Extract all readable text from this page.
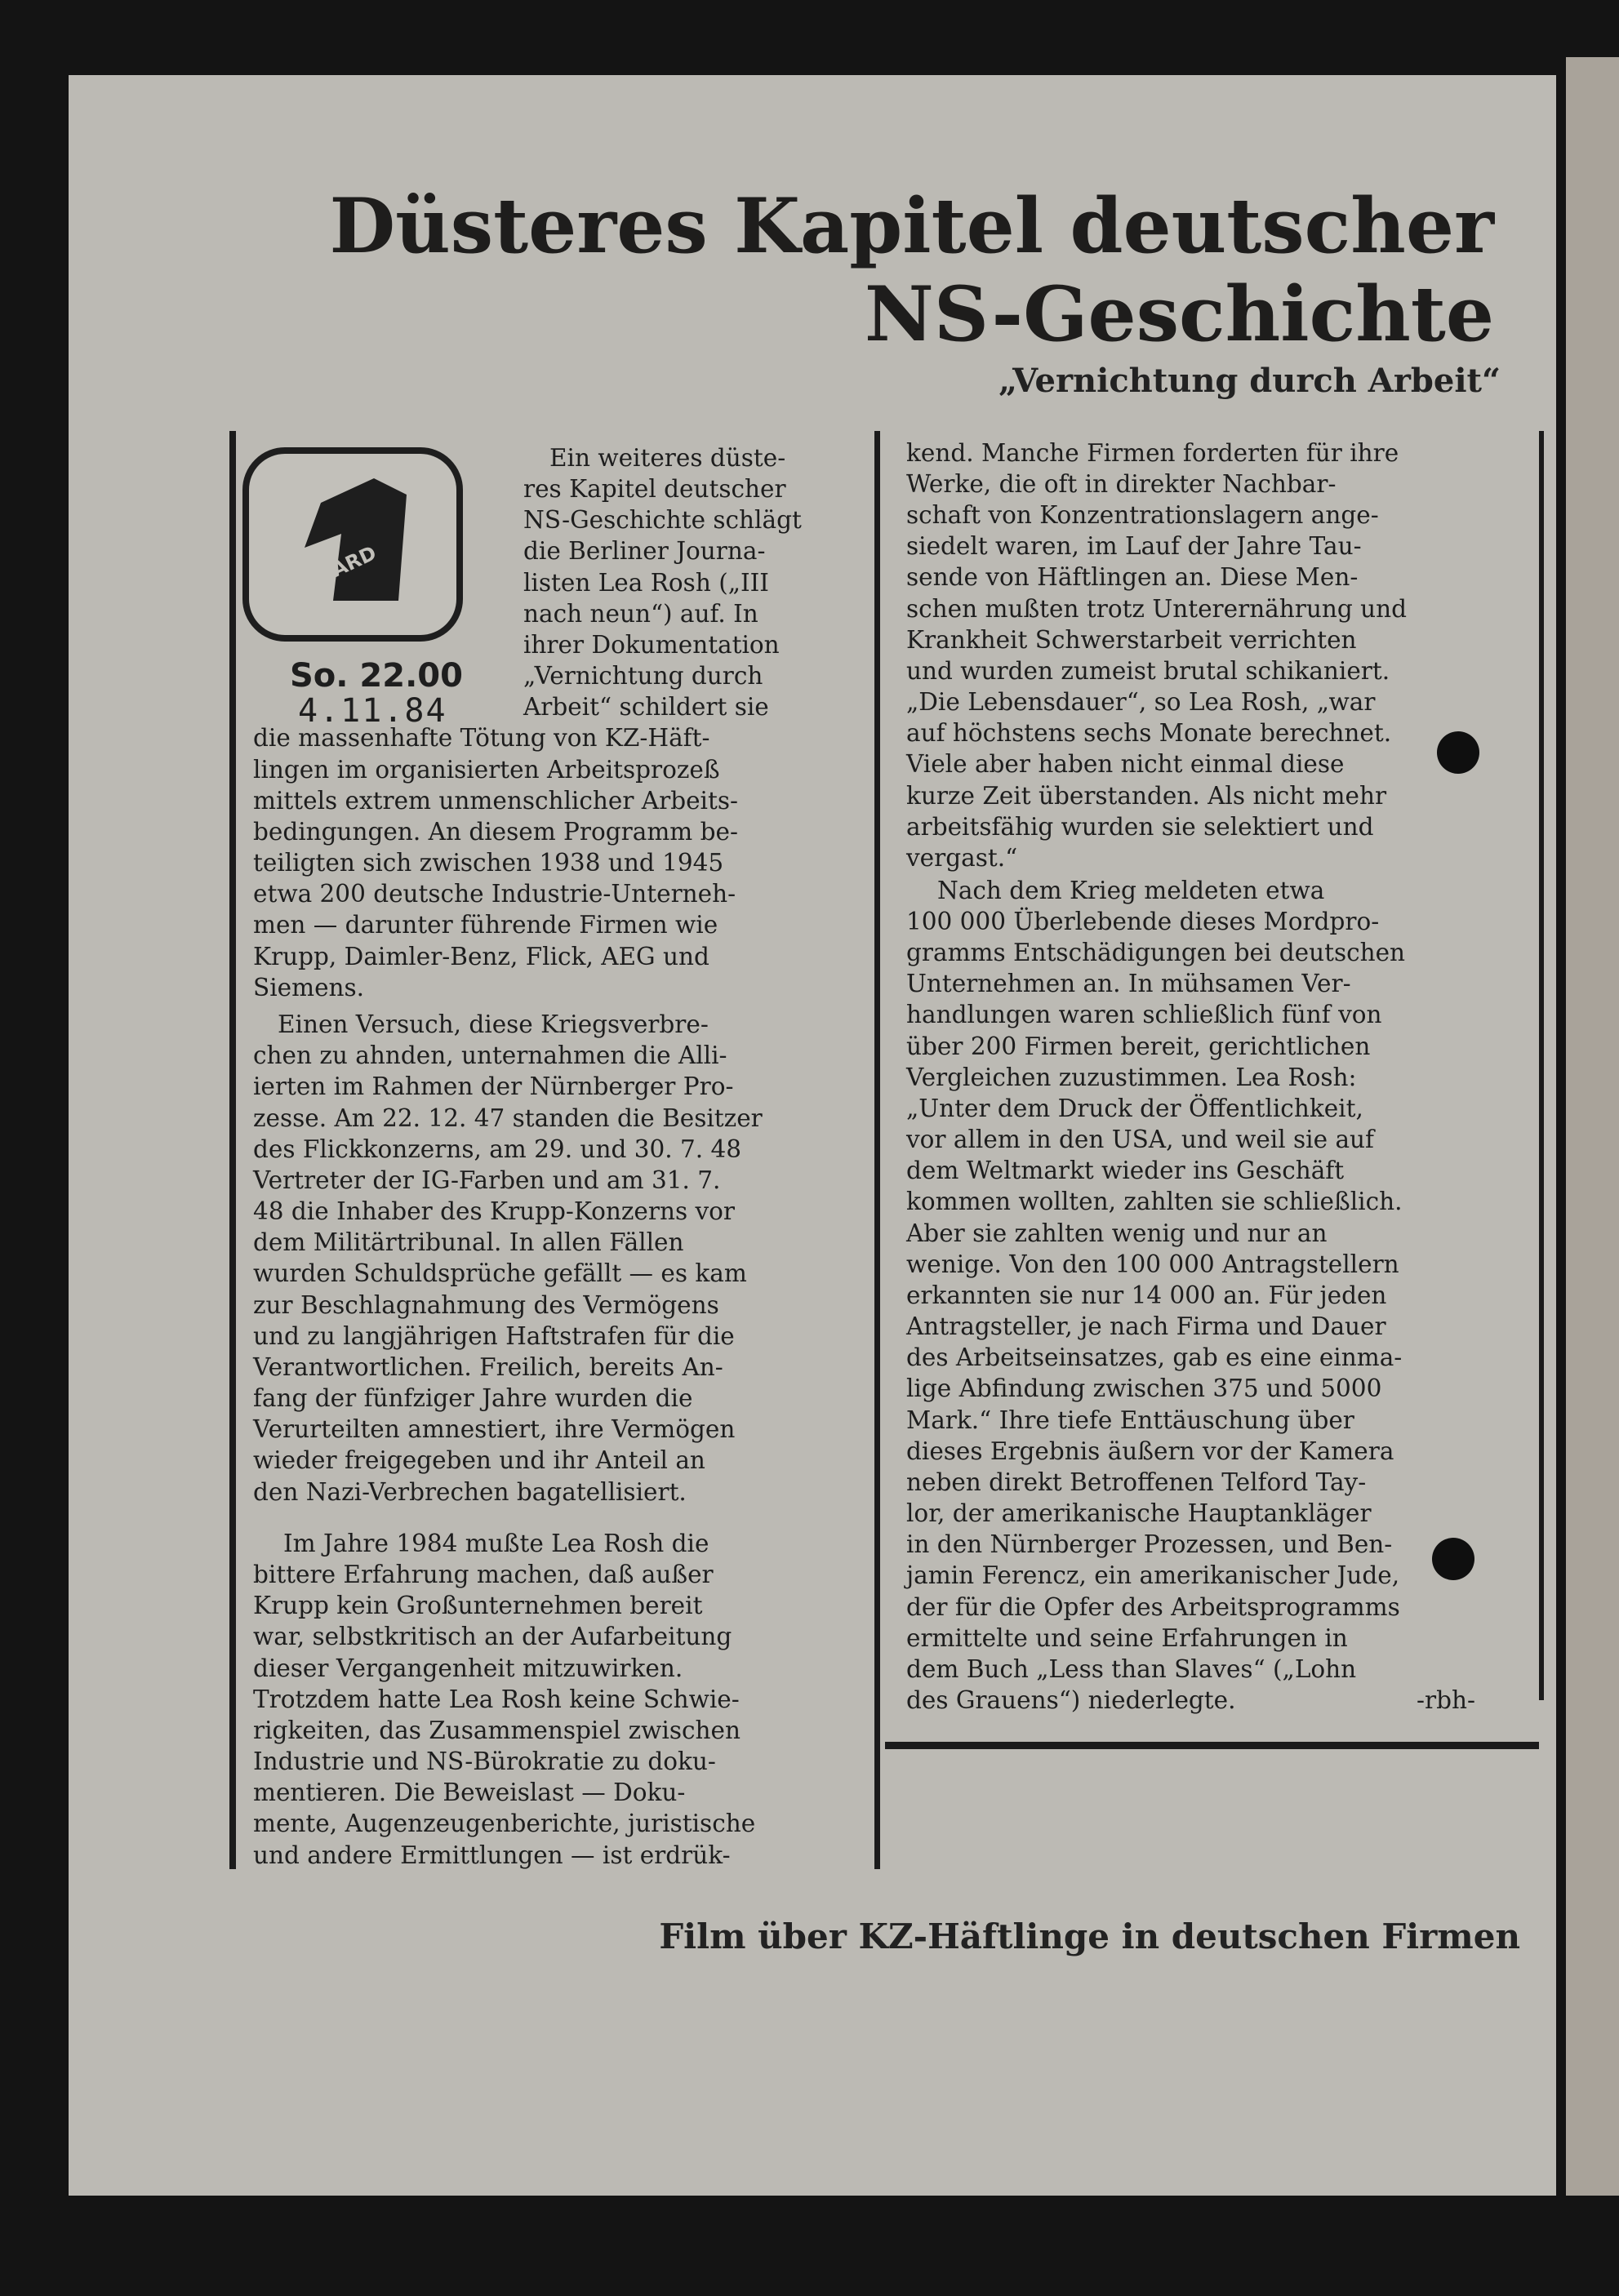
Düsteres Kapitel deutscher
NS-Geschichte
„Vernichtung durch Arbeit“
ARD
So. 22.00
4.11.84
Ein weiteres düste-
res Kapitel deutscher
NS-Geschichte schlägt
die Berliner Journa-
listen Lea Rosh („III
nach neun“) auf. In
ihrer Dokumentation
„Vernichtung durch
Arbeit“ schildert sie
die massenhafte Tötung von KZ-Häft-
lingen im organisierten Arbeitsprozeß
mittels extrem unmenschlicher Arbeits-
bedingungen. An diesem Programm be-
teiligten sich zwischen 1938 und 1945
etwa 200 deutsche Industrie-Unterneh-
men — darunter führende Firmen wie
Krupp, Daimler-Benz, Flick, AEG und
Siemens.
Einen Versuch, diese Kriegsverbre-
chen zu ahnden, unternahmen die Alli-
ierten im Rahmen der Nürnberger Pro-
zesse. Am 22. 12. 47 standen die Besitzer
des Flickkonzerns, am 29. und 30. 7. 48
Vertreter der IG-Farben und am 31. 7.
48 die Inhaber des Krupp-Konzerns vor
dem Militärtribunal. In allen Fällen
wurden Schuldsprüche gefällt — es kam
zur Beschlagnahmung des Vermögens
und zu langjährigen Haftstrafen für die
Verantwortlichen. Freilich, bereits An-
fang der fünfziger Jahre wurden die
Verurteilten amnestiert, ihre Vermögen
wieder freigegeben und ihr Anteil an
den Nazi-Verbrechen bagatellisiert.
Im Jahre 1984 mußte Lea Rosh die
bittere Erfahrung machen, daß außer
Krupp kein Großunternehmen bereit
war, selbstkritisch an der Aufarbeitung
dieser Vergangenheit mitzuwirken.
Trotzdem hatte Lea Rosh keine Schwie-
rigkeiten, das Zusammenspiel zwischen
Industrie und NS-Bürokratie zu doku-
mentieren. Die Beweislast — Doku-
mente, Augenzeugenberichte, juristische
und andere Ermittlungen — ist erdrük-
kend. Manche Firmen forderten für ihre
Werke, die oft in direkter Nachbar-
schaft von Konzentrationslagern ange-
siedelt waren, im Lauf der Jahre Tau-
sende von Häftlingen an. Diese Men-
schen mußten trotz Unterernährung und
Krankheit Schwerstarbeit verrichten
und wurden zumeist brutal schikaniert.
„Die Lebensdauer“, so Lea Rosh, „war
auf höchstens sechs Monate berechnet.
Viele aber haben nicht einmal diese
kurze Zeit überstanden. Als nicht mehr
arbeitsfähig wurden sie selektiert und
vergast.“
Nach dem Krieg meldeten etwa
100 000 Überlebende dieses Mordpro-
gramms Entschädigungen bei deutschen
Unternehmen an. In mühsamen Ver-
handlungen waren schließlich fünf von
über 200 Firmen bereit, gerichtlichen
Vergleichen zuzustimmen. Lea Rosh:
„Unter dem Druck der Öffentlichkeit,
vor allem in den USA, und weil sie auf
dem Weltmarkt wieder ins Geschäft
kommen wollten, zahlten sie schließlich.
Aber sie zahlten wenig und nur an
wenige. Von den 100 000 Antragstellern
erkannten sie nur 14 000 an. Für jeden
Antragsteller, je nach Firma und Dauer
des Arbeitseinsatzes, gab es eine einma-
lige Abfindung zwischen 375 und 5000
Mark.“ Ihre tiefe Enttäuschung über
dieses Ergebnis äußern vor der Kamera
neben direkt Betroffenen Telford Tay-
lor, der amerikanische Hauptankläger
in den Nürnberger Prozessen, und Ben-
jamin Ferencz, ein amerikanischer Jude,
der für die Opfer des Arbeitsprogramms
ermittelte und seine Erfahrungen in
dem Buch „Less than Slaves“ („Lohn
des Grauens“) niederlegte.	-rbh-
Film über KZ-Häftlinge in deutschen Firmen
